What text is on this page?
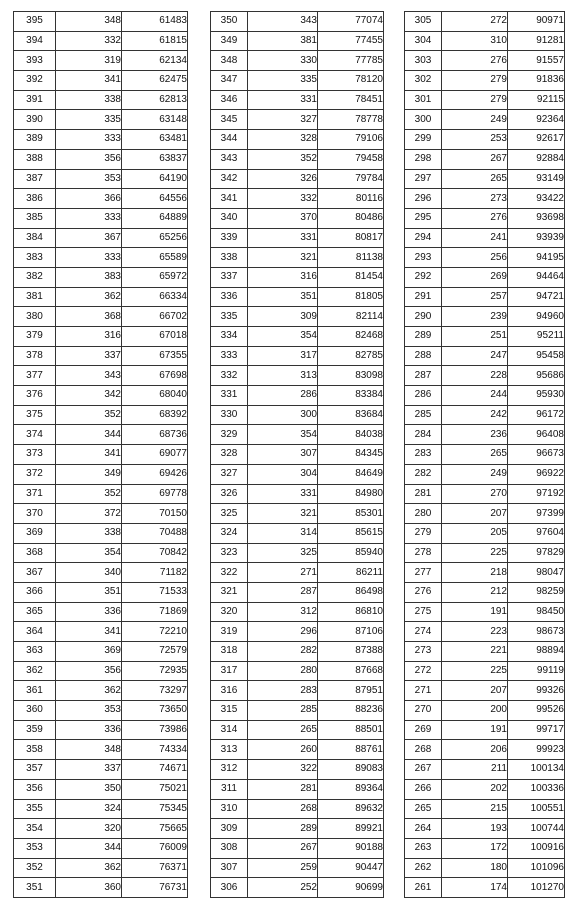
395	348	61483
394	332	61815
393	319	62134
392	341	62475
391	338	62813
390	335	63148
389	333	63481
388	356	63837
387	353	64190
386	366	64556
385	333	64889
384	367	65256
383	333	65589
382	383	65972
381	362	66334
380	368	66702
379	316	67018
378	337	67355
377	343	67698
376	342	68040
375	352	68392
374	344	68736
373	341	69077
372	349	69426
371	352	69778
370	372	70150
369	338	70488
368	354	70842
367	340	71182
366	351	71533
365	336	71869
364	341	72210
363	369	72579
362	356	72935
361	362	73297
360	353	73650
359	336	73986
358	348	74334
357	337	74671
356	350	75021
355	324	75345
354	320	75665
353	344	76009
352	362	76371
351	360	76731
350	343	77074
349	381	77455
348	330	77785
347	335	78120
346	331	78451
345	327	78778
344	328	79106
343	352	79458
342	326	79784
341	332	80116
340	370	80486
339	331	80817
338	321	81138
337	316	81454
336	351	81805
335	309	82114
334	354	82468
333	317	82785
332	313	83098
331	286	83384
330	300	83684
329	354	84038
328	307	84345
327	304	84649
326	331	84980
325	321	85301
324	314	85615
323	325	85940
322	271	86211
321	287	86498
320	312	86810
319	296	87106
318	282	87388
317	280	87668
316	283	87951
315	285	88236
314	265	88501
313	260	88761
312	322	89083
311	281	89364
310	268	89632
309	289	89921
308	267	90188
307	259	90447
306	252	90699
305	272	90971
304	310	91281
303	276	91557
302	279	91836
301	279	92115
300	249	92364
299	253	92617
298	267	92884
297	265	93149
296	273	93422
295	276	93698
294	241	93939
293	256	94195
292	269	94464
291	257	94721
290	239	94960
289	251	95211
288	247	95458
287	228	95686
286	244	95930
285	242	96172
284	236	96408
283	265	96673
282	249	96922
281	270	97192
280	207	97399
279	205	97604
278	225	97829
277	218	98047
276	212	98259
275	191	98450
274	223	98673
273	221	98894
272	225	99119
271	207	99326
270	200	99526
269	191	99717
268	206	99923
267	211	100134
266	202	100336
265	215	100551
264	193	100744
263	172	100916
262	180	101096
261	174	101270
